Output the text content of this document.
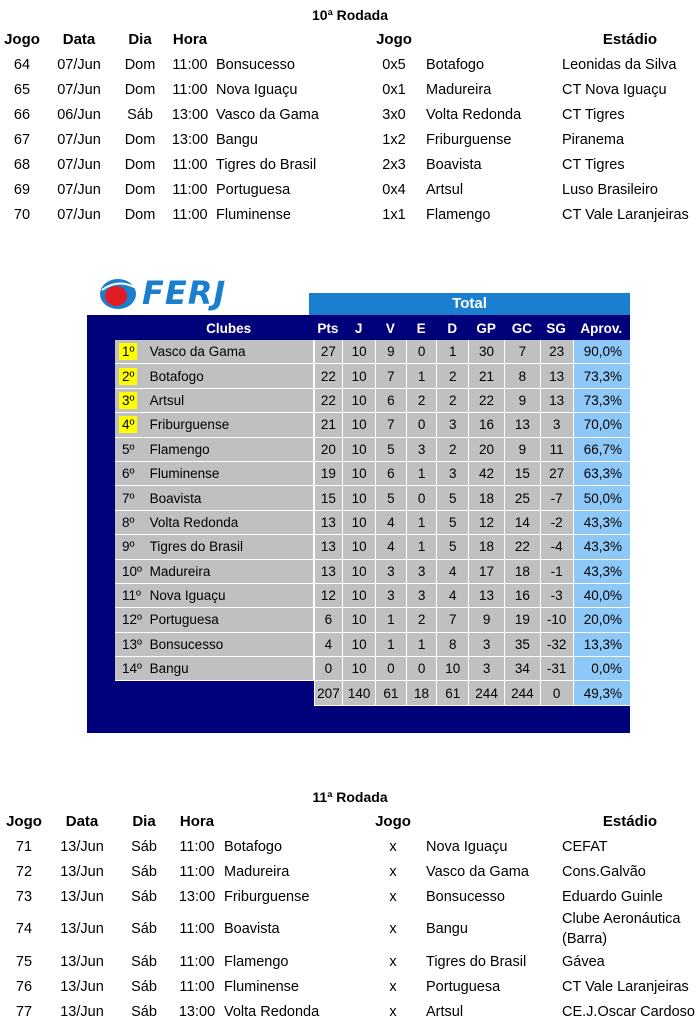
10ª Rodada
Jogo	Data	Dia	Hora		Jogo		Estádio
64	07/Jun	Dom	11:00	Bonsucesso	0x5	Botafogo	Leonidas da Silva
65	07/Jun	Dom	11:00	Nova Iguaçu	0x1	Madureira	CT Nova Iguaçu
66	06/Jun	Sáb	13:00	Vasco da Gama	3x0	Volta Redonda	CT Tigres
67	07/Jun	Dom	13:00	Bangu	1x2	Friburguense	Piranema
68	07/Jun	Dom	11:00	Tigres do Brasil	2x3	Boavista	CT Tigres
69	07/Jun	Dom	11:00	Portuguesa	0x4	Artsul	Luso Brasileiro
70	07/Jun	Dom	11:00	Fluminense	1x1	Flamengo	CT Vale Laranjeiras
FERJ	Total
	Clubes	Pts	J	V	E	D	GP	GC	SG	Aprov.
1º	Vasco da Gama	27	10	9	0	1	30	7	23	90,0%
2º	Botafogo	22	10	7	1	2	21	8	13	73,3%
3º	Artsul	22	10	6	2	2	22	9	13	73,3%
4º	Friburguense	21	10	7	0	3	16	13	3	70,0%
5º	Flamengo	20	10	5	3	2	20	9	11	66,7%
6º	Fluminense	19	10	6	1	3	42	15	27	63,3%
7º	Boavista	15	10	5	0	5	18	25	-7	50,0%
8º	Volta Redonda	13	10	4	1	5	12	14	-2	43,3%
9º	Tigres do Brasil	13	10	4	1	5	18	22	-4	43,3%
10º	Madureira	13	10	3	3	4	17	18	-1	43,3%
11º	Nova Iguaçu	12	10	3	3	4	13	16	-3	40,0%
12º	Portuguesa	6	10	1	2	7	9	19	-10	20,0%
13º	Bonsucesso	4	10	1	1	8	3	35	-32	13,3%
14º	Bangu	0	10	0	0	10	3	34	-31	0,0%
		207	140	61	18	61	244	244	0	49,3%
11ª Rodada
Jogo	Data	Dia	Hora		Jogo		Estádio
71	13/Jun	Sáb	11:00	Botafogo	x	Nova Iguaçu	CEFAT
72	13/Jun	Sáb	11:00	Madureira	x	Vasco da Gama	Cons.Galvão
73	13/Jun	Sáb	13:00	Friburguense	x	Bonsucesso	Eduardo Guinle
74	13/Jun	Sáb	11:00	Boavista	x	Bangu	Clube Aeronáutica (Barra)
75	13/Jun	Sáb	11:00	Flamengo	x	Tigres do Brasil	Gávea
76	13/Jun	Sáb	11:00	Fluminense	x	Portuguesa	CT Vale Laranjeiras
77	13/Jun	Sáb	13:00	Volta Redonda	x	Artsul	CE.J.Oscar Cardoso
